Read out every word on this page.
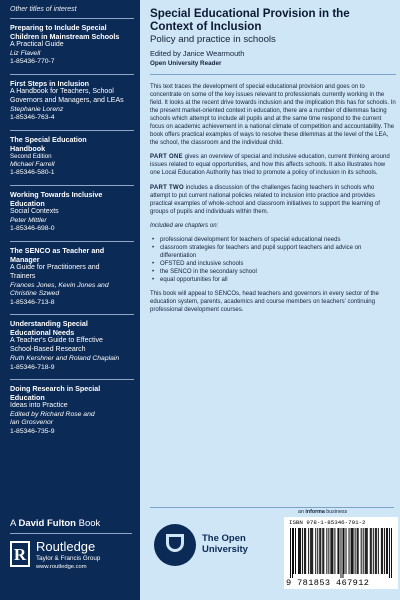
Other titles of interest
Preparing to Include Special
Children in Mainstream Schools
A Practical Guide
Liz Flavell
1-85436-770-7
First Steps in Inclusion
A Handbook for Teachers, School
Governors and Managers, and LEAs
Stephanie Lorenz
1-85346-763-4
The Special Education
Handbook
Second Edition
Michael Farrell
1-85346-580-1
Working Towards Inclusive
Education
Social Contexts
Peter Mittler
1-85346-698-0
The SENCO as Teacher and
Manager
A Guide for Practitioners and
Trainers
Frances Jones, Kevin Jones and
Christine Szwed
1-85346-713-8
Understanding Special
Educational Needs
A Teacher's Guide to Effective
School-Based Research
Ruth Kershner and Roland Chaplain
1-85346-718-9
Doing Research in Special
Education
Ideas into Practice
Edited by Richard Rose and
Ian Grosvenor
1-85346-735-9
A David Fulton Book
R Routledge
Taylor & Francis Group
www.routledge.com
Special Educational Provision in the
Context of Inclusion
Policy and practice in schools
Edited by Janice Wearmouth
Open University Reader

This text traces the development of special educational provision and goes on to concentrate on some of the key issues relevant to professionals currently working in the field. It looks at the recent drive towards inclusion and the implication this has for schools. In the present market-oriented context in education, there are a number of dilemmas facing schools which attempt to include all pupils and at the same time respond to the current focus on academic achievement in a national climate of competition and accountability. The book offers practical examples of ways to resolve these dilemmas at the level of the LEA, the school, the classroom and the individual child.

PART ONE gives an overview of special and inclusive education, current thinking around issues related to equal opportunities, and how this affects schools. It also illustrates how one Local Education Authority has tried to promote a policy of inclusion in its schools.

PART TWO includes a discussion of the challenges facing teachers in schools who attempt to put current national policies related to inclusion into practice and provides practical examples of whole-school and classroom initiatives to support the learning of groups of pupils and individuals within them.

Included are chapters on:

• professional development for teachers of special educational needs
• classroom strategies for teachers and pupil support teachers and advice on differentiation
• OFSTED and inclusive schools
• the SENCO in the secondary school
• equal opportunities for all

This book will appeal to SENCOs, head teachers and governors in every sector of the education system, parents, academics and course members on teachers' continuing professional development courses.

The Open
University
an informa business
ISBN 978-1-85346-791-2
9 781853 467912
